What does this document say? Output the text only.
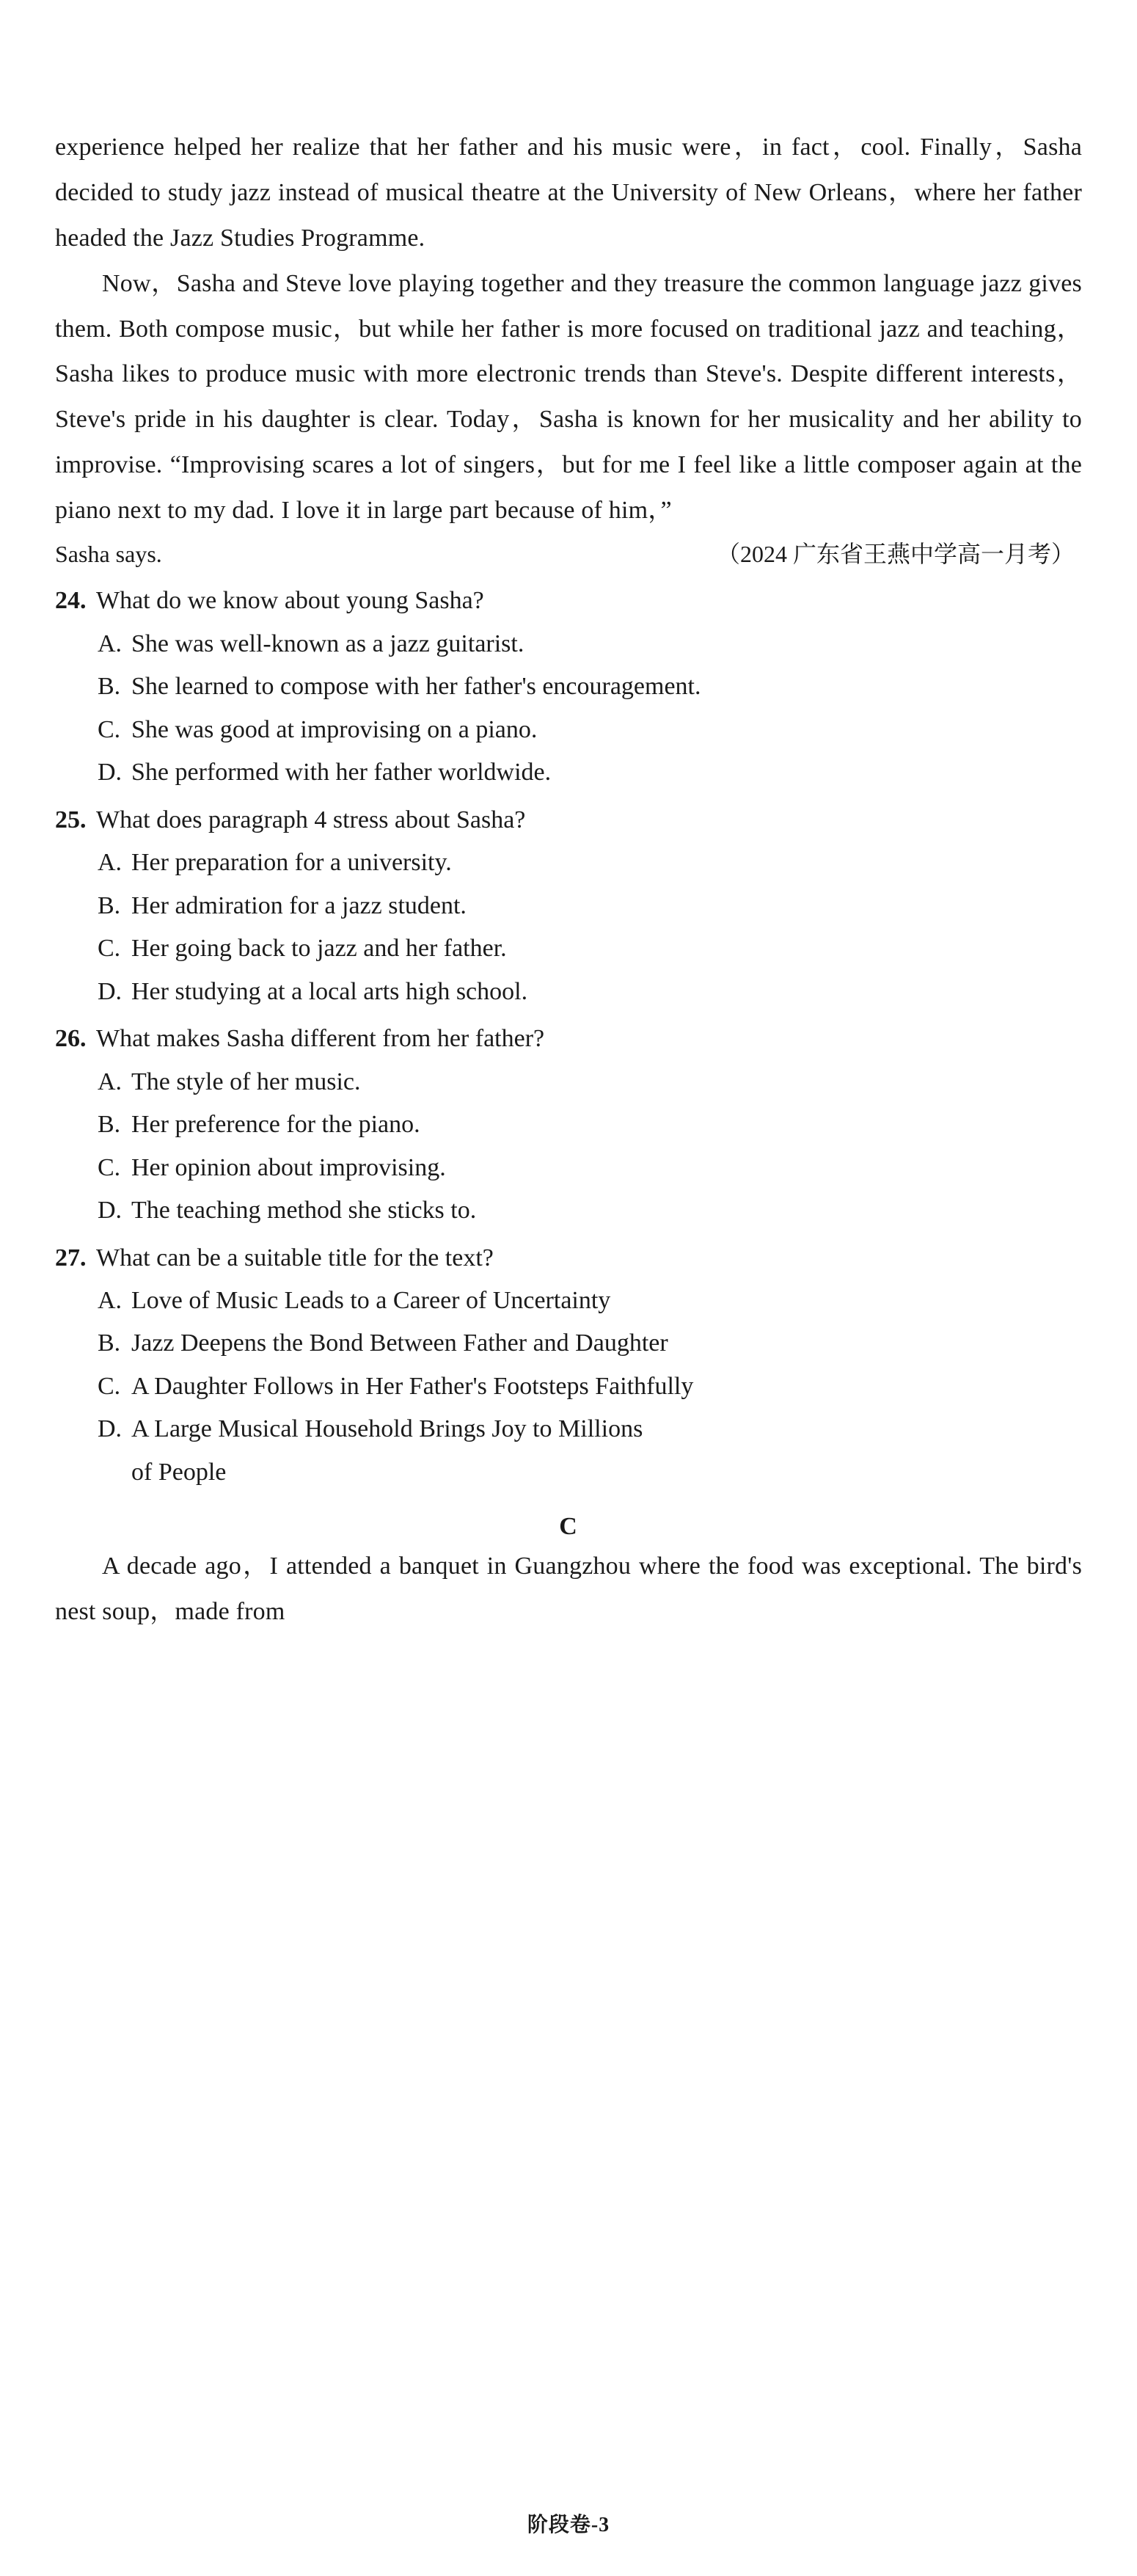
experience helped her realize that her father and his music were，in fact，cool. Finally，Sasha decided to study jazz instead of musical theatre at the University of New Orleans，where her father headed the Jazz Studies Programme.

Now，Sasha and Steve love playing together and they treasure the common language jazz gives them. Both compose music，but while her father is more focused on traditional jazz and teaching，Sasha likes to produce music with more electronic trends than Steve's. Despite different interests，Steve's pride in his daughter is clear. Today，Sasha is known for her musicality and her ability to improvise. “Improvising scares a lot of singers，but for me I feel like a little composer again at the piano next to my dad. I love it in large part because of him，”

（2024 广东省王燕中学高一月考）
Sasha says.
24. What do we know about young Sasha?
A. She was well-known as a jazz guitarist.
B. She learned to compose with her father's encouragement.
C. She was good at improvising on a piano.
D. She performed with her father worldwide.
25. What does paragraph 4 stress about Sasha?
A. Her preparation for a university.
B. Her admiration for a jazz student.
C. Her going back to jazz and her father.
D. Her studying at a local arts high school.
26. What makes Sasha different from her father?
A. The style of her music.
B. Her preference for the piano.
C. Her opinion about improvising.
D. The teaching method she sticks to.
27. What can be a suitable title for the text?
A. Love of Music Leads to a Career of Uncertainty
B. Jazz Deepens the Bond Between Father and Daughter
C. A Daughter Follows in Her Father's Footsteps Faithfully
D. A Large Musical Household Brings Joy to Millions
of People
C

A decade ago，I attended a banquet in Guangzhou where the food was exceptional. The bird's nest soup，made from

阶段卷-3
